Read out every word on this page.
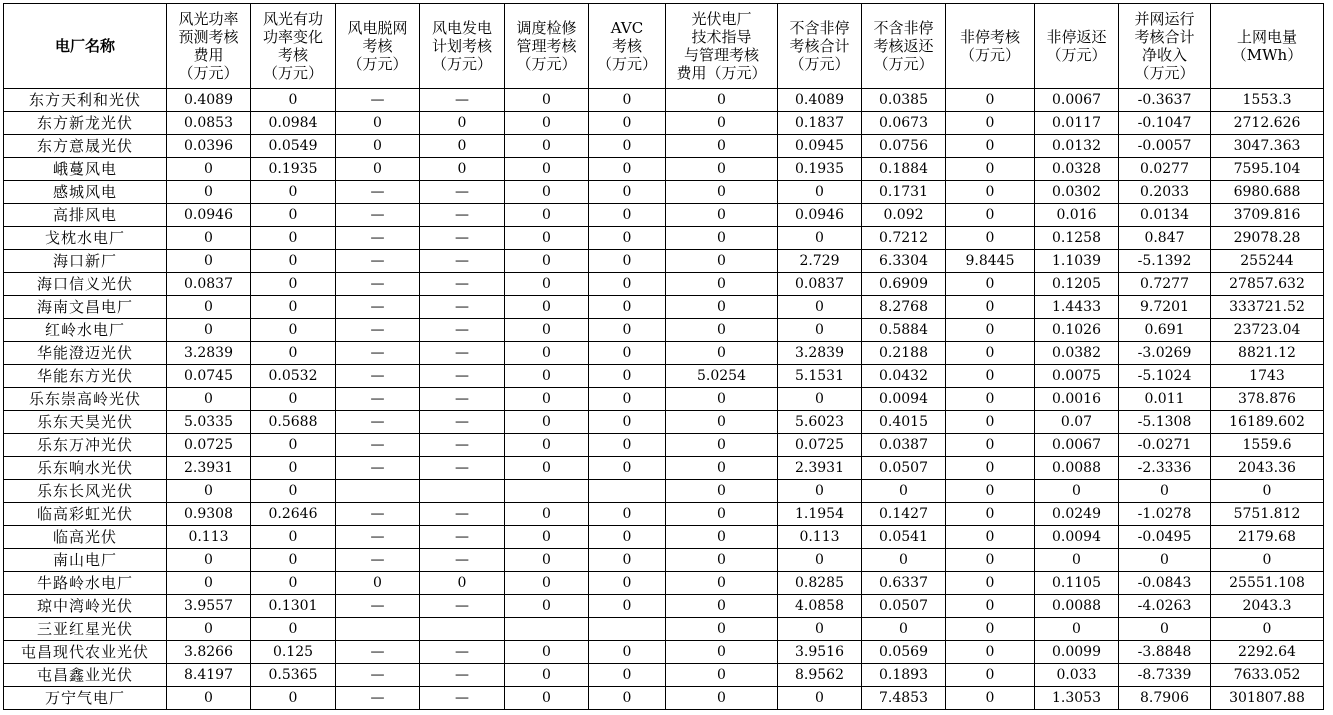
电厂名称	风光功率
预测考核
费用
（万元）	风光有功
功率变化
考核
（万元）	风电脱网
考核
（万元）	风电发电
计划考核
（万元）	调度检修
管理考核
（万元）	AVC
考核
（万元）	光伏电厂
技术指导
与管理考核
费用（万元）	不含非停
考核合计
（万元）	不含非停
考核返还
（万元）	非停考核
（万元）	非停返还
（万元）	并网运行
考核合计
净收入
（万元）	上网电量
（MWh）

东方天利和光伏	0.4089	0	—	—	0	0	0	0.4089	0.0385	0	0.0067	-0.3637	1553.3
东方新龙光伏	0.0853	0.0984	0	0	0	0	0	0.1837	0.0673	0	0.0117	-0.1047	2712.626
东方意晟光伏	0.0396	0.0549	0	0	0	0	0	0.0945	0.0756	0	0.0132	-0.0057	3047.363
峨蔓风电	0	0.1935	0	0	0	0	0	0.1935	0.1884	0	0.0328	0.0277	7595.104
感城风电	0	0	—	—	0	0	0	0	0.1731	0	0.0302	0.2033	6980.688
高排风电	0.0946	0	—	—	0	0	0	0.0946	0.092	0	0.016	0.0134	3709.816
戈枕水电厂	0	0	—	—	0	0	0	0	0.7212	0	0.1258	0.847	29078.28
海口新厂	0	0	—	—	0	0	0	2.729	6.3304	9.8445	1.1039	-5.1392	255244
海口信义光伏	0.0837	0	—	—	0	0	0	0.0837	0.6909	0	0.1205	0.7277	27857.632
海南文昌电厂	0	0	—	—	0	0	0	0	8.2768	0	1.4433	9.7201	333721.52
红岭水电厂	0	0	—	—	0	0	0	0	0.5884	0	0.1026	0.691	23723.04
华能澄迈光伏	3.2839	0	—	—	0	0	0	3.2839	0.2188	0	0.0382	-3.0269	8821.12
华能东方光伏	0.0745	0.0532	—	—	0	0	5.0254	5.1531	0.0432	0	0.0075	-5.1024	1743
乐东崇高岭光伏	0	0	—	—	0	0	0	0	0.0094	0	0.0016	0.011	378.876
乐东天昊光伏	5.0335	0.5688	—	—	0	0	0	5.6023	0.4015	0	0.07	-5.1308	16189.602
乐东万冲光伏	0.0725	0	—	—	0	0	0	0.0725	0.0387	0	0.0067	-0.0271	1559.6
乐东响水光伏	2.3931	0	—	—	0	0	0	2.3931	0.0507	0	0.0088	-2.3336	2043.36
乐东长风光伏	0	0					0	0	0	0	0	0	0
临高彩虹光伏	0.9308	0.2646	—	—	0	0	0	1.1954	0.1427	0	0.0249	-1.0278	5751.812
临高光伏	0.113	0	—	—	0	0	0	0.113	0.0541	0	0.0094	-0.0495	2179.68
南山电厂	0	0	—	—	0	0	0	0	0	0	0	0	0
牛路岭水电厂	0	0	0	0	0	0	0	0.8285	0.6337	0	0.1105	-0.0843	25551.108
琼中湾岭光伏	3.9557	0.1301	—	—	0	0	0	4.0858	0.0507	0	0.0088	-4.0263	2043.3
三亚红星光伏	0	0					0	0	0	0	0	0	0
屯昌现代农业光伏	3.8266	0.125	—	—	0	0	0	3.9516	0.0569	0	0.0099	-3.8848	2292.64
屯昌鑫业光伏	8.4197	0.5365	—	—	0	0	0	8.9562	0.1893	0	0.033	-8.7339	7633.052
万宁气电厂	0	0	—	—	0	0	0	0	7.4853	0	1.3053	8.7906	301807.88
